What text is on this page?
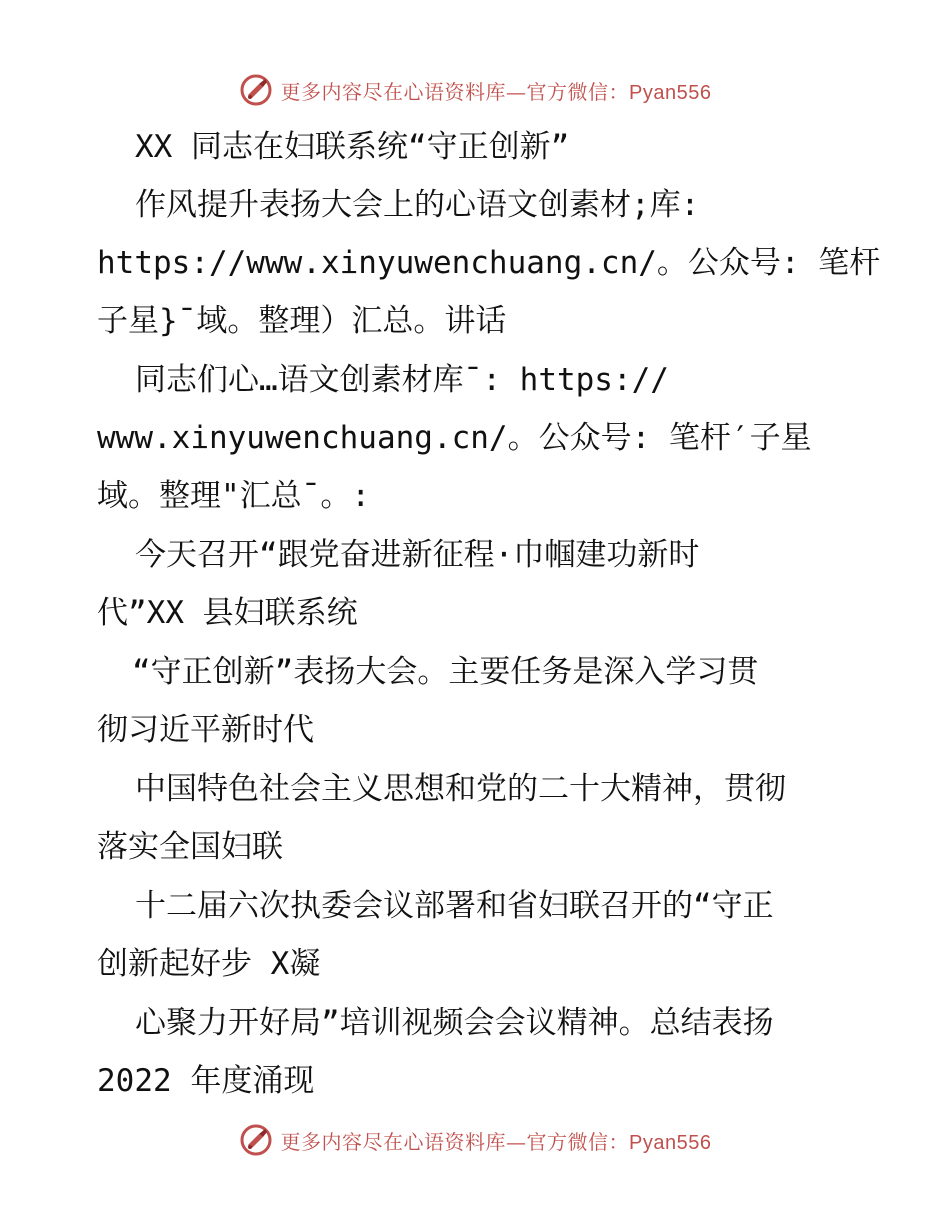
更多内容尽在心语资料库—官方微信：Pyan556
XX 同志在妇联系统“守正创新”
作风提升表扬大会上的心语文创素材;库:
https://www.xinyuwenchuang.cn/。公众号: 笔杆
子星}¯域。整理）汇总。讲话
同志们心…语文创素材库¯: https://
www.xinyuwenchuang.cn/。公众号: 笔杆′子星
域。整理"汇总¯。:
今天召开“跟党奋进新征程·巾帼建功新时
代”XX 县妇联系统
“守正创新”表扬大会。主要任务是深入学习贯
彻习近平新时代
中国特色社会主义思想和党的二十大精神，贯彻
落实全国妇联
十二届六次执委会议部署和省妇联召开的“守正
创新起好步 X凝
心聚力开好局”培训视频会会议精神。总结表扬
2022 年度涌现
更多内容尽在心语资料库—官方微信：Pyan556
